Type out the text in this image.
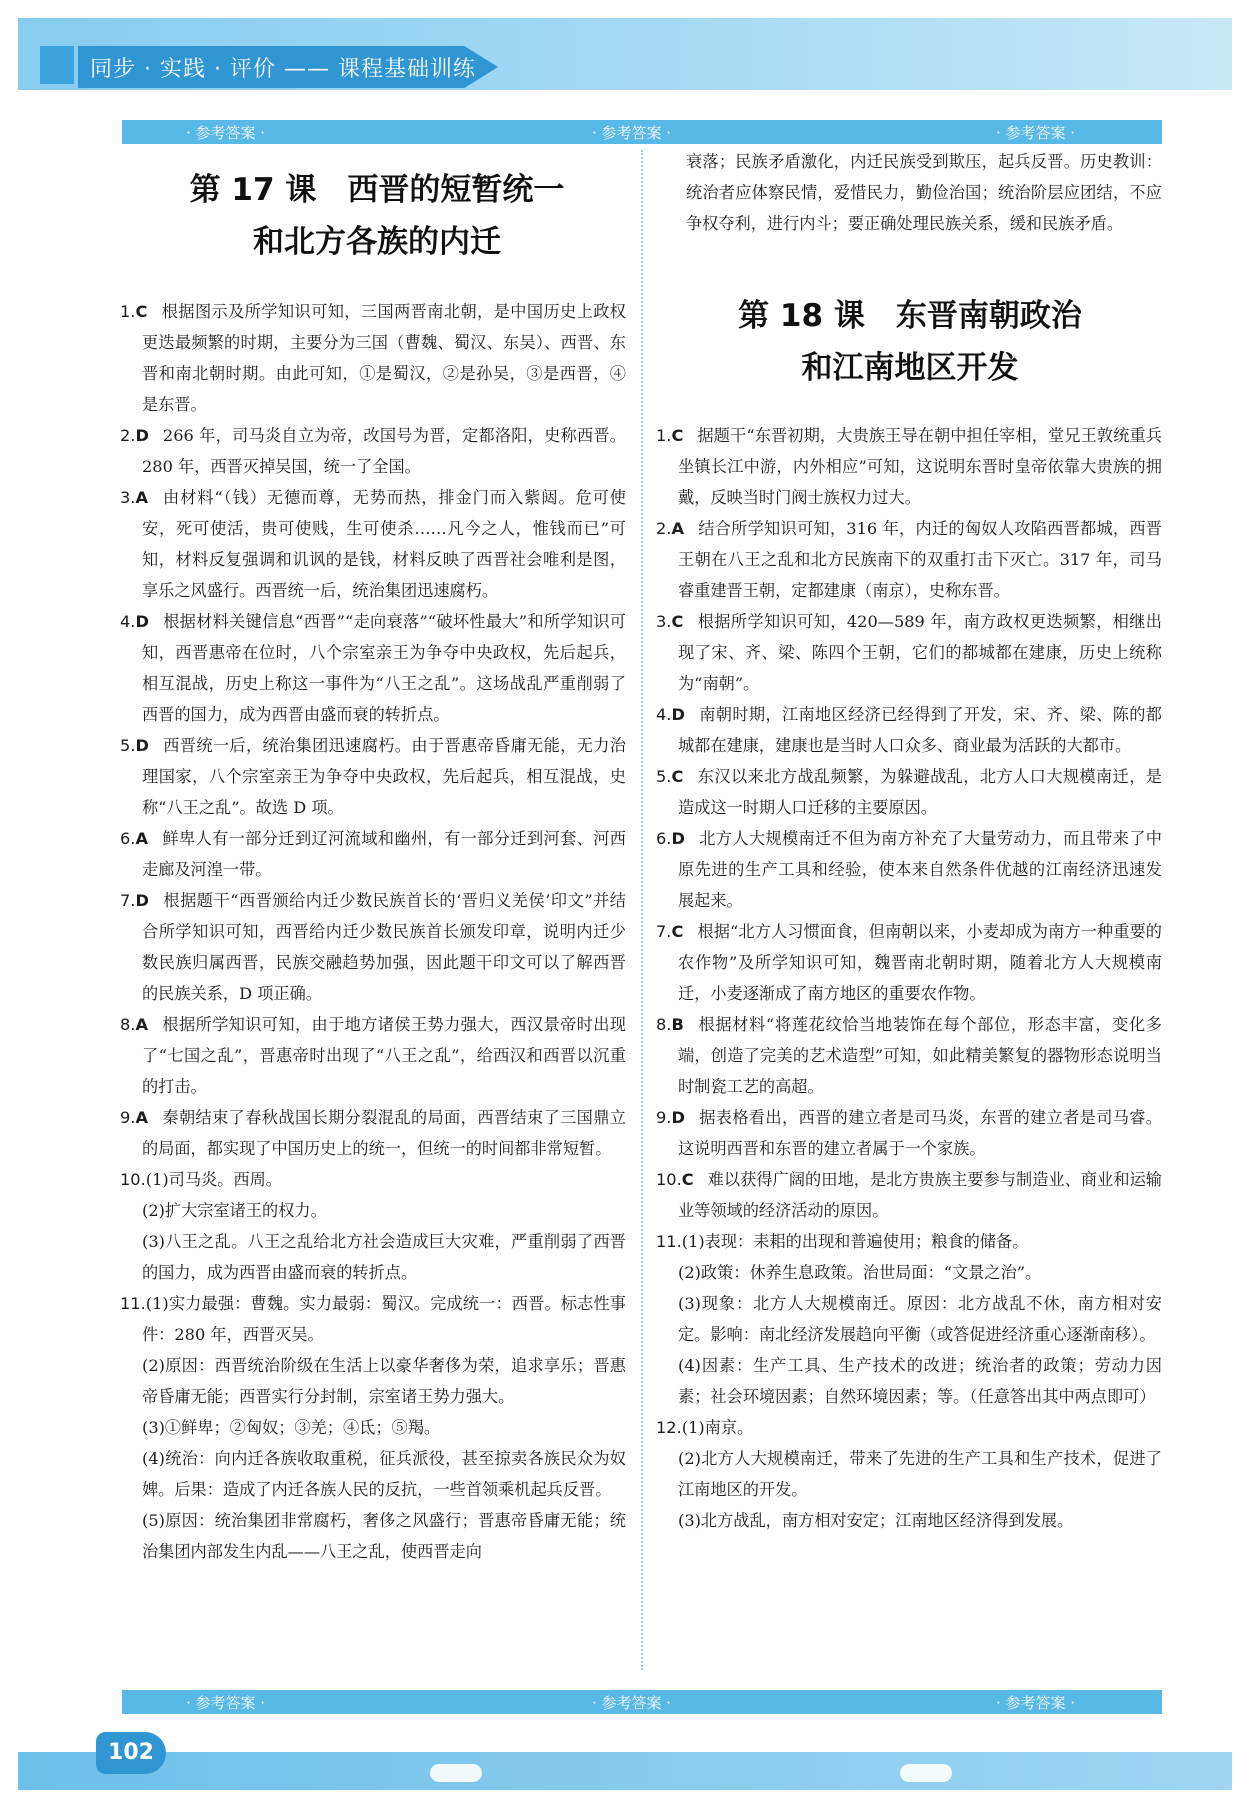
同步 · 实践 · 评价 —— 课程基础训练
· 参考答案 ·	· 参考答案 ·	· 参考答案 ·
第 17 课　西晋的短暂统一
和北方各族的内迁

1.C 根据图示及所学知识可知，三国两晋南北朝，是中国历史上政权更迭最频繁的时期，主要分为三国（曹魏、蜀汉、东吴）、西晋、东晋和南北朝时期。由此可知，①是蜀汉，②是孙吴，③是西晋，④是东晋。

2.D 266 年，司马炎自立为帝，改国号为晋，定都洛阳，史称西晋。280 年，西晋灭掉吴国，统一了全国。

3.A 由材料“（钱）无德而尊，无势而热，排金门而入紫闼。危可使安，死可使活，贵可使贱，生可使杀……凡今之人，惟钱而已”可知，材料反复强调和讥讽的是钱，材料反映了西晋社会唯利是图，享乐之风盛行。西晋统一后，统治集团迅速腐朽。

4.D 根据材料关键信息“西晋”“走向衰落”“破坏性最大”和所学知识可知，西晋惠帝在位时，八个宗室亲王为争夺中央政权，先后起兵，相互混战，历史上称这一事件为“八王之乱”。这场战乱严重削弱了西晋的国力，成为西晋由盛而衰的转折点。

5.D 西晋统一后，统治集团迅速腐朽。由于晋惠帝昏庸无能，无力治理国家，八个宗室亲王为争夺中央政权，先后起兵，相互混战，史称“八王之乱”。故选 D 项。

6.A 鲜卑人有一部分迁到辽河流域和幽州，有一部分迁到河套、河西走廊及河湟一带。

7.D 根据题干“西晋颁给内迁少数民族首长的‘晋归义羌侯’印文”并结合所学知识可知，西晋给内迁少数民族首长颁发印章，说明内迁少数民族归属西晋，民族交融趋势加强，因此题干印文可以了解西晋的民族关系，D 项正确。

8.A 根据所学知识可知，由于地方诸侯王势力强大，西汉景帝时出现了“七国之乱”，晋惠帝时出现了“八王之乱”，给西汉和西晋以沉重的打击。

9.A 秦朝结束了春秋战国长期分裂混乱的局面，西晋结束了三国鼎立的局面，都实现了中国历史上的统一，但统一的时间都非常短暂。

10.(1)司马炎。西周。

(2)扩大宗室诸王的权力。

(3)八王之乱。八王之乱给北方社会造成巨大灾难，严重削弱了西晋的国力，成为西晋由盛而衰的转折点。

11.(1)实力最强：曹魏。实力最弱：蜀汉。完成统一：西晋。标志性事件：280 年，西晋灭吴。

(2)原因：西晋统治阶级在生活上以豪华奢侈为荣，追求享乐；晋惠帝昏庸无能；西晋实行分封制，宗室诸王势力强大。

(3)①鲜卑；②匈奴；③羌；④氐；⑤羯。

(4)统治：向内迁各族收取重税，征兵派役，甚至掠卖各族民众为奴婢。后果：造成了内迁各族人民的反抗，一些首领乘机起兵反晋。

(5)原因：统治集团非常腐朽，奢侈之风盛行；晋惠帝昏庸无能；统治集团内部发生内乱——八王之乱，使西晋走向

衰落；民族矛盾激化，内迁民族受到欺压，起兵反晋。历史教训：统治者应体察民情，爱惜民力，勤俭治国；统治阶层应团结，不应争权夺利，进行内斗；要正确处理民族关系，缓和民族矛盾。

第 18 课　东晋南朝政治
和江南地区开发

1.C 据题干“东晋初期，大贵族王导在朝中担任宰相，堂兄王敦统重兵坐镇长江中游，内外相应”可知，这说明东晋时皇帝依靠大贵族的拥戴，反映当时门阀士族权力过大。

2.A 结合所学知识可知，316 年，内迁的匈奴人攻陷西晋都城，西晋王朝在八王之乱和北方民族南下的双重打击下灭亡。317 年，司马睿重建晋王朝，定都建康（南京），史称东晋。

3.C 根据所学知识可知，420—589 年，南方政权更迭频繁，相继出现了宋、齐、梁、陈四个王朝，它们的都城都在建康，历史上统称为“南朝”。

4.D 南朝时期，江南地区经济已经得到了开发，宋、齐、梁、陈的都城都在建康，建康也是当时人口众多、商业最为活跃的大都市。

5.C 东汉以来北方战乱频繁，为躲避战乱，北方人口大规模南迁，是造成这一时期人口迁移的主要原因。

6.D 北方人大规模南迁不但为南方补充了大量劳动力，而且带来了中原先进的生产工具和经验，使本来自然条件优越的江南经济迅速发展起来。

7.C 根据“北方人习惯面食，但南朝以来，小麦却成为南方一种重要的农作物”及所学知识可知，魏晋南北朝时期，随着北方人大规模南迁，小麦逐渐成了南方地区的重要农作物。

8.B 根据材料“将莲花纹恰当地装饰在每个部位，形态丰富，变化多端，创造了完美的艺术造型”可知，如此精美繁复的器物形态说明当时制瓷工艺的高超。

9.D 据表格看出，西晋的建立者是司马炎，东晋的建立者是司马睿。这说明西晋和东晋的建立者属于一个家族。

10.C 难以获得广阔的田地，是北方贵族主要参与制造业、商业和运输业等领域的经济活动的原因。

11.(1)表现：耒耜的出现和普遍使用；粮食的储备。

(2)政策：休养生息政策。治世局面：“文景之治”。

(3)现象：北方人大规模南迁。原因：北方战乱不休，南方相对安定。影响：南北经济发展趋向平衡（或答促进经济重心逐渐南移）。

(4)因素：生产工具、生产技术的改进；统治者的政策；劳动力因素；社会环境因素；自然环境因素；等。（任意答出其中两点即可）

12.(1)南京。

(2)北方人大规模南迁，带来了先进的生产工具和生产技术，促进了江南地区的开发。

(3)北方战乱，南方相对安定；江南地区经济得到发展。

· 参考答案 ·	· 参考答案 ·	· 参考答案 ·
102
